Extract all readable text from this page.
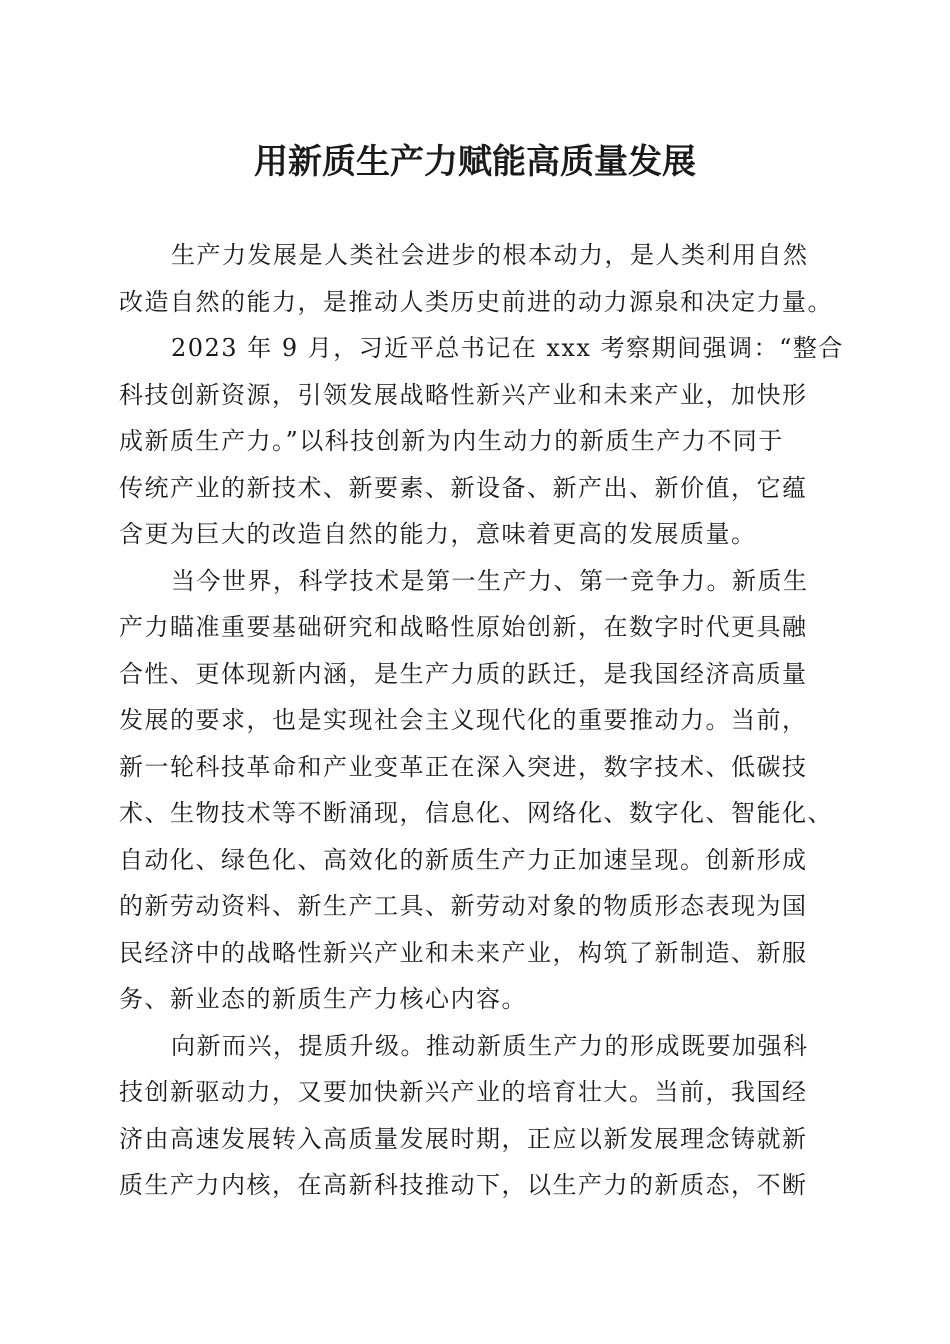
用新质生产力赋能高质量发展
生产力发展是人类社会进步的根本动力，是人类利用自然
改造自然的能力，是推动人类历史前进的动力源泉和决定力量。
2023 年 9 月，习近平总书记在 xxx 考察期间强调：“整合
科技创新资源，引领发展战略性新兴产业和未来产业，加快形
成新质生产力。”以科技创新为内生动力的新质生产力不同于
传统产业的新技术、新要素、新设备、新产出、新价值，它蕴
含更为巨大的改造自然的能力，意味着更高的发展质量。
当今世界，科学技术是第一生产力、第一竞争力。新质生
产力瞄准重要基础研究和战略性原始创新，在数字时代更具融
合性、更体现新内涵，是生产力质的跃迁，是我国经济高质量
发展的要求，也是实现社会主义现代化的重要推动力。当前，
新一轮科技革命和产业变革正在深入突进，数字技术、低碳技
术、生物技术等不断涌现，信息化、网络化、数字化、智能化、
自动化、绿色化、高效化的新质生产力正加速呈现。创新形成
的新劳动资料、新生产工具、新劳动对象的物质形态表现为国
民经济中的战略性新兴产业和未来产业，构筑了新制造、新服
务、新业态的新质生产力核心内容。
向新而兴，提质升级。推动新质生产力的形成既要加强科
技创新驱动力，又要加快新兴产业的培育壮大。当前，我国经
济由高速发展转入高质量发展时期，正应以新发展理念铸就新
质生产力内核，在高新科技推动下，以生产力的新质态，不断
